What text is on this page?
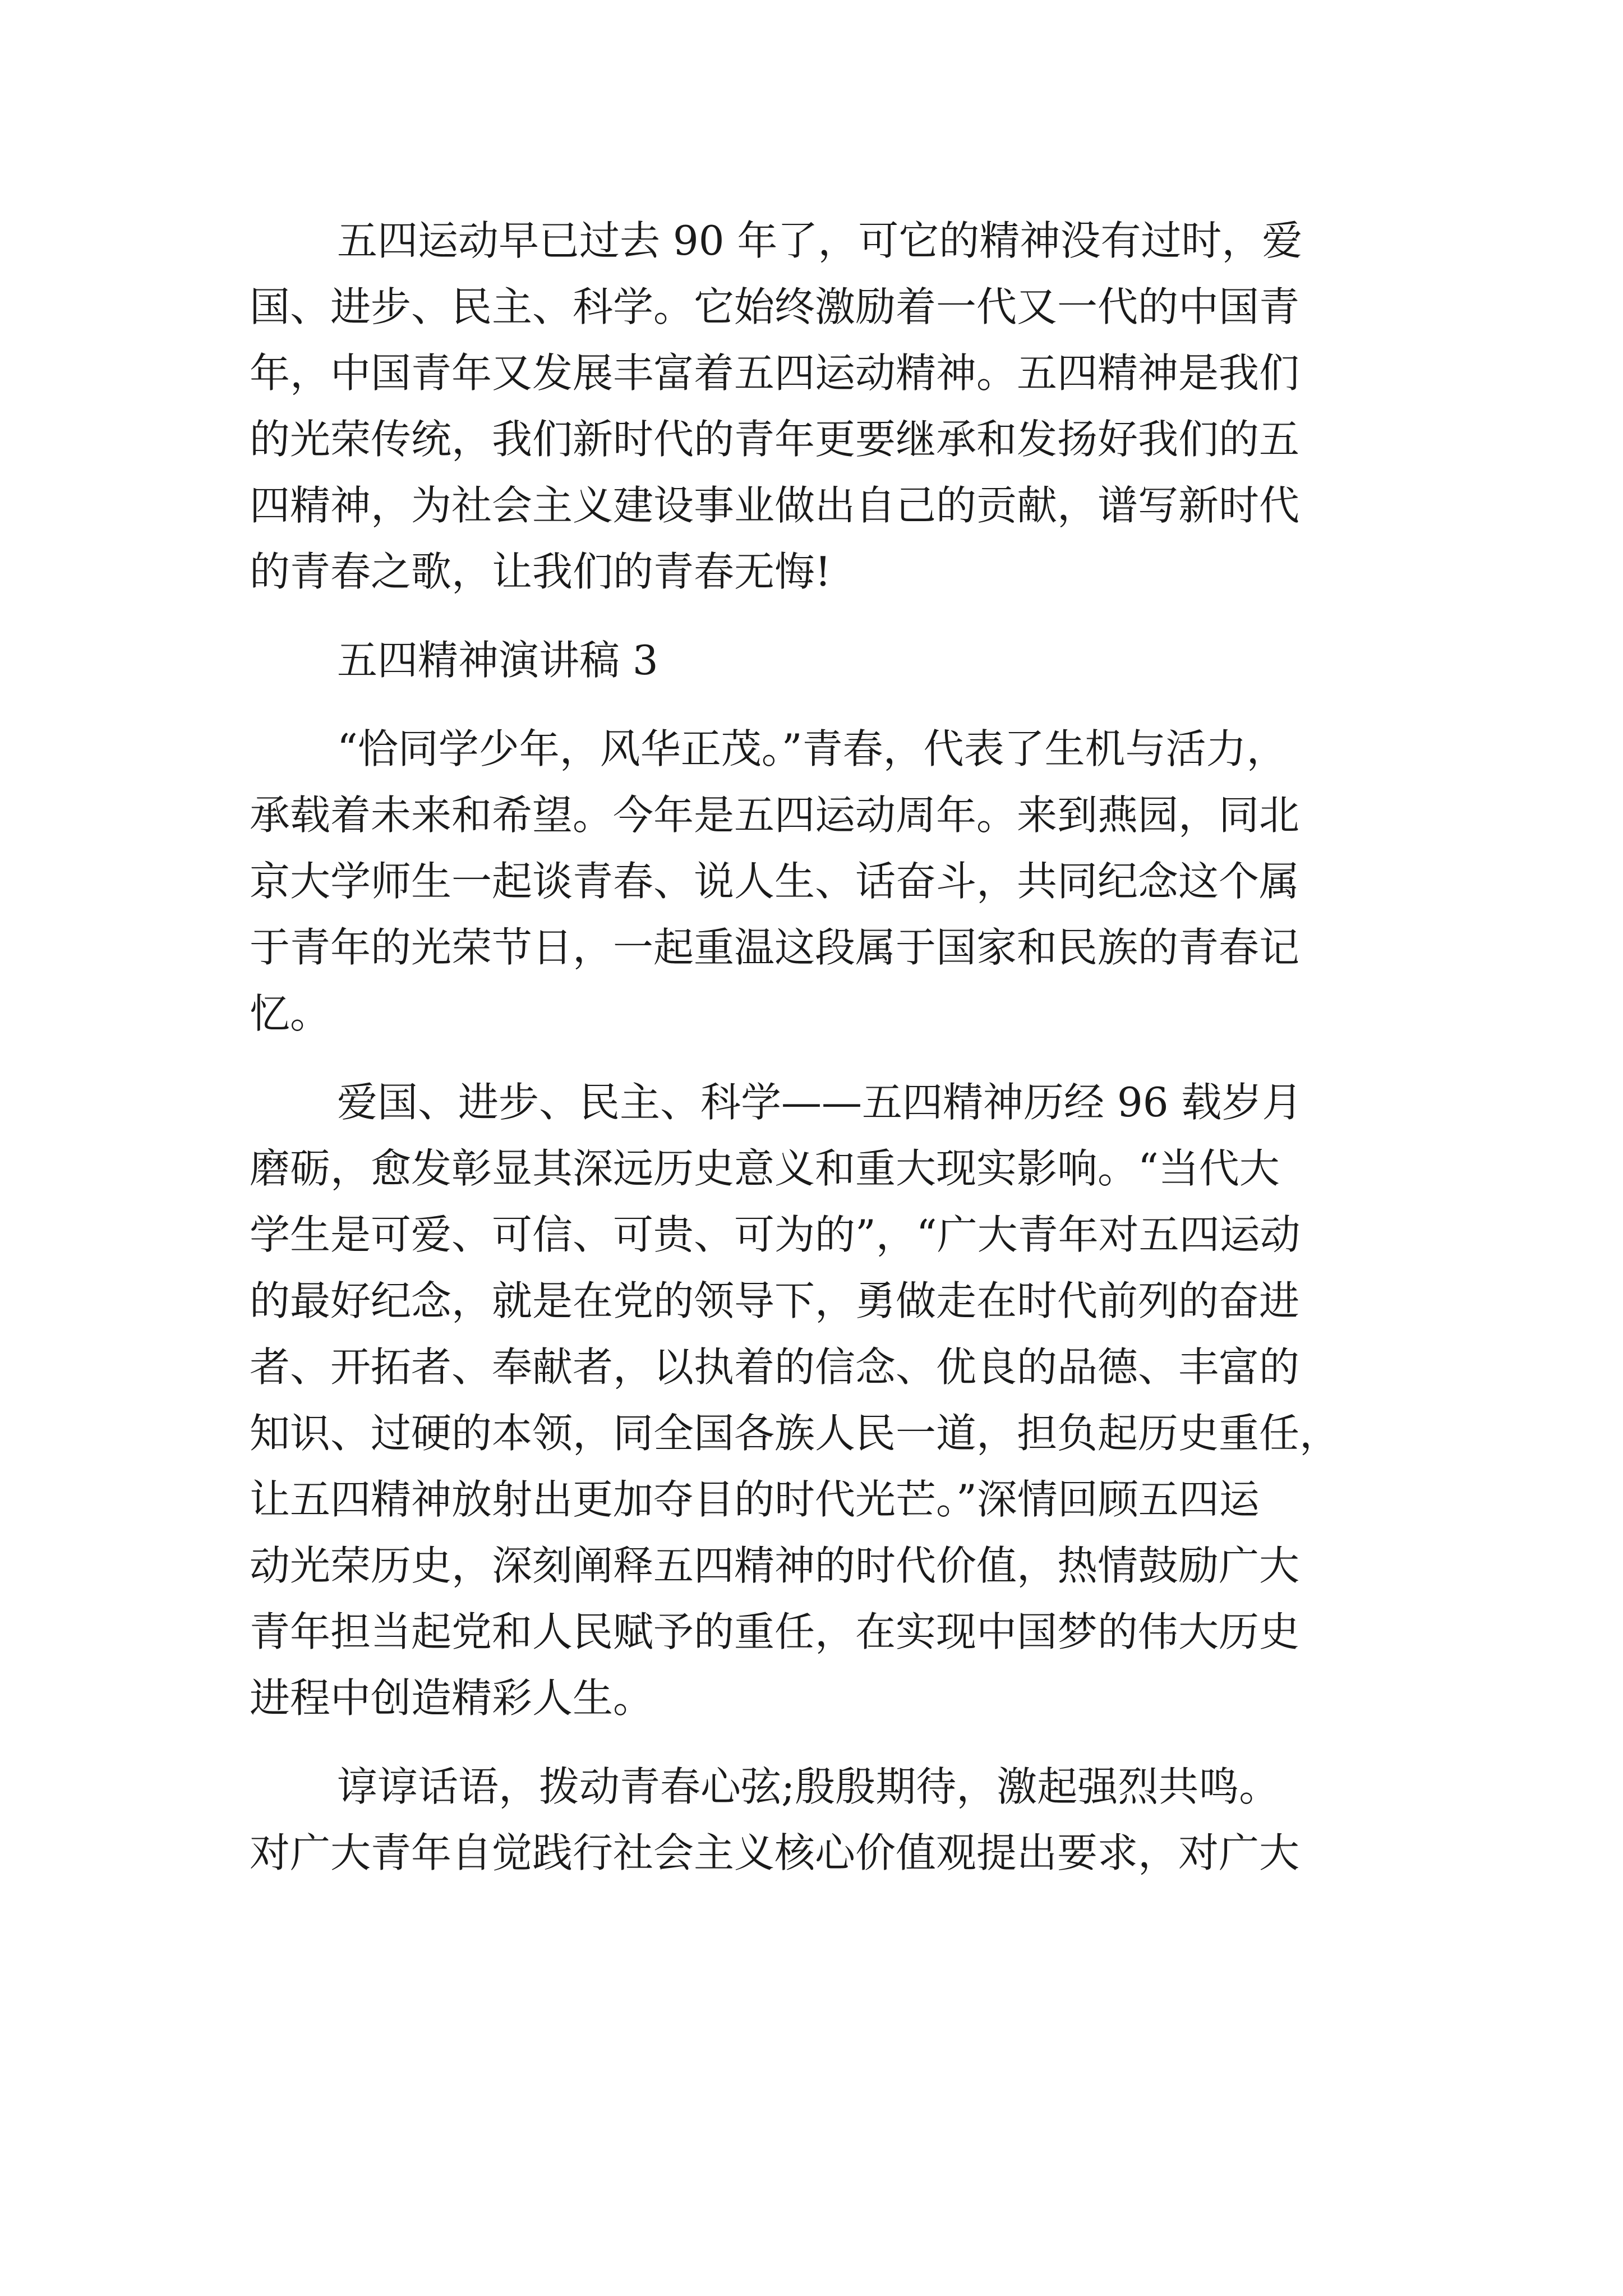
五四运动早已过去 90 年了，可它的精神没有过时，爱
国、进步、民主、科学。它始终激励着一代又一代的中国青
年，中国青年又发展丰富着五四运动精神。五四精神是我们
的光荣传统，我们新时代的青年更要继承和发扬好我们的五
四精神，为社会主义建设事业做出自己的贡献，谱写新时代
的青春之歌，让我们的青春无悔!
五四精神演讲稿 3
“恰同学少年，风华正茂。”青春，代表了生机与活力，
承载着未来和希望。今年是五四运动周年。来到燕园，同北
京大学师生一起谈青春、说人生、话奋斗，共同纪念这个属
于青年的光荣节日，一起重温这段属于国家和民族的青春记
忆。
爱国、进步、民主、科学——五四精神历经 96 载岁月
磨砺，愈发彰显其深远历史意义和重大现实影响。“当代大
学生是可爱、可信、可贵、可为的”，“广大青年对五四运动
的最好纪念，就是在党的领导下，勇做走在时代前列的奋进
者、开拓者、奉献者，以执着的信念、优良的品德、丰富的
知识、过硬的本领，同全国各族人民一道，担负起历史重任，
让五四精神放射出更加夺目的时代光芒。”深情回顾五四运
动光荣历史，深刻阐释五四精神的时代价值，热情鼓励广大
青年担当起党和人民赋予的重任，在实现中国梦的伟大历史
进程中创造精彩人生。
谆谆话语，拨动青春心弦;殷殷期待，激起强烈共鸣。
对广大青年自觉践行社会主义核心价值观提出要求，对广大
